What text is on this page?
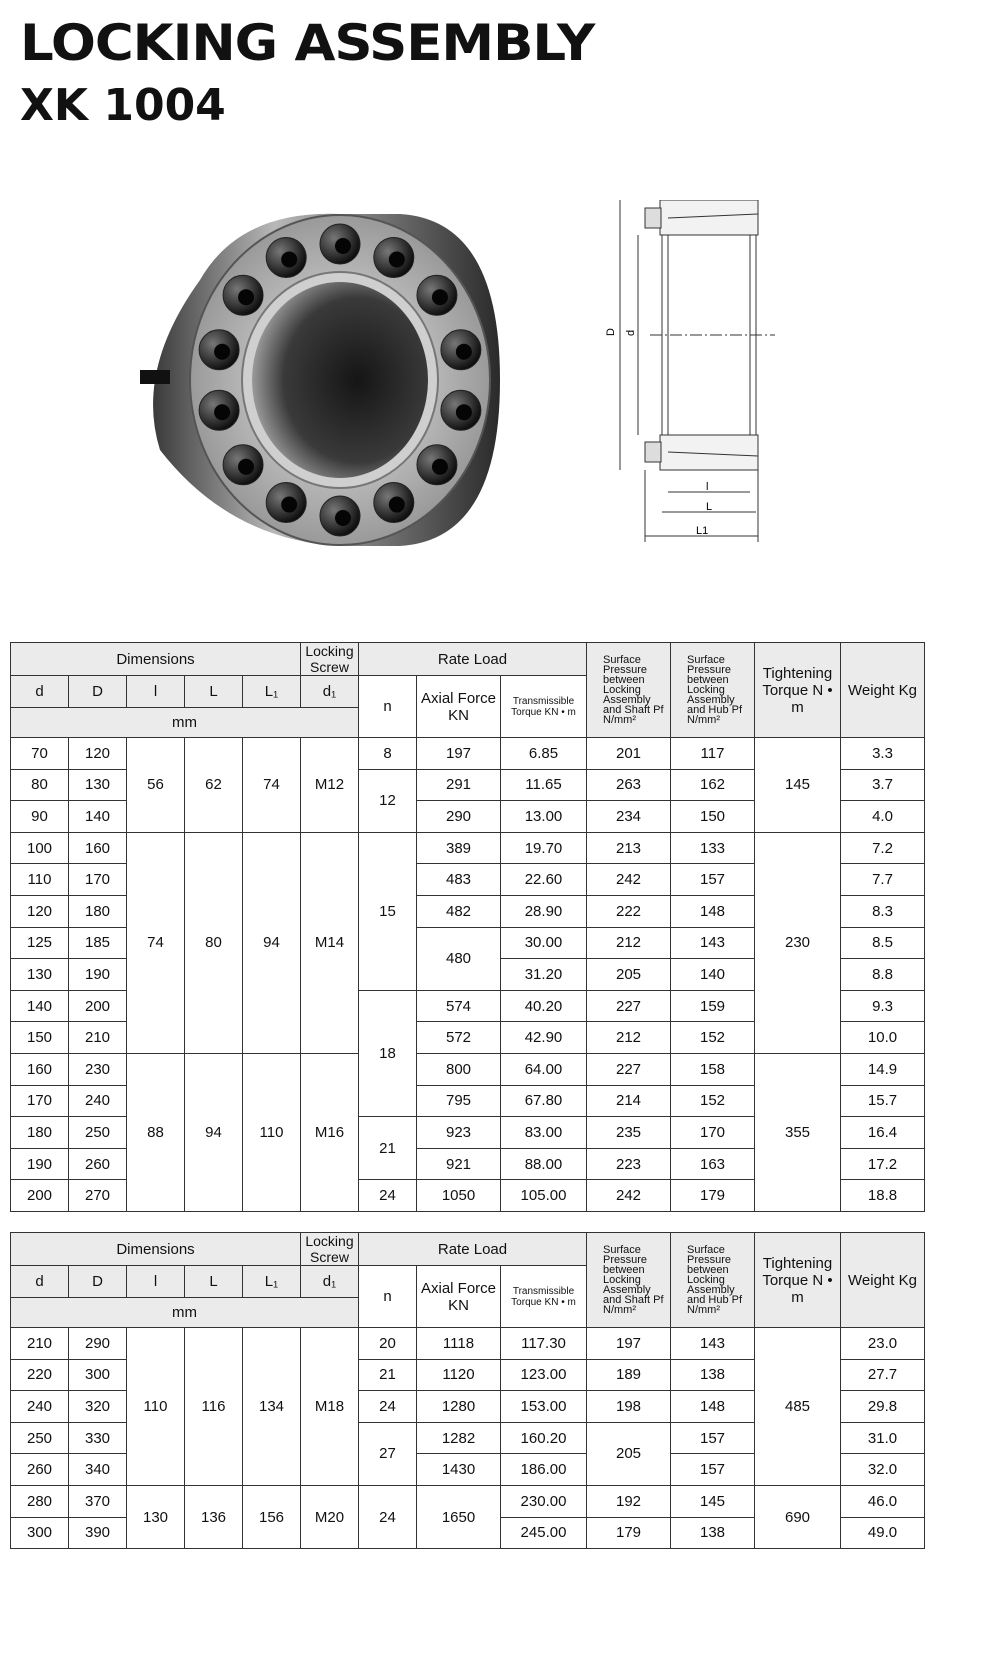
LOCKING ASSEMBLY
XK 1004
D d
l
L
L1
Dimensions					Locking Screw	Rate Load			Surface Pressure between Locking Assembly and Shaft Pf N/mm²	Surface Pressure between Locking Assembly and Hub Pf N/mm²	Tightening Torque N • m	Weight Kg
d	D	l	L	L₁	d₁	n	Axial Force KN	Transmissible Torque KN • m				
mm												
70	120	56	62	74	M12	8	197	6.85	201	117	145	3.3
80	130					12	291	11.65	263	162		3.7
90	140						290	13.00	234	150		4.0
100	160	74	80	94	M14	15	389	19.70	213	133	230	7.2
110	170						483	22.60	242	157		7.7
120	180						482	28.90	222	148		8.3
125	185						480	30.00	212	143		8.5
130	190							31.20	205	140		8.8
140	200					18	574	40.20	227	159		9.3
150	210						572	42.90	212	152		10.0
160	230	88	94	110	M16		800	64.00	227	158	355	14.9
170	240						795	67.80	214	152		15.7
180	250					21	923	83.00	235	170		16.4
190	260						921	88.00	223	163		17.2
200	270					24	1050	105.00	242	179		18.8
Dimensions					Locking Screw	Rate Load			Surface Pressure between Locking Assembly and Shaft Pf N/mm²	Surface Pressure between Locking Assembly and Hub Pf N/mm²	Tightening Torque N • m	Weight Kg
d	D	l	L	L₁	d₁	n	Axial Force KN	Transmissible Torque KN • m				
mm												
210	290	110	116	134	M18	20	1118	117.30	197	143	485	23.0
220	300					21	1120	123.00	189	138		27.7
240	320					24	1280	153.00	198	148		29.8
250	330					27	1282	160.20	205	157		31.0
260	340						1430	186.00		157		32.0
280	370	130	136	156	M20	24	1650	230.00	192	145	690	46.0
300	390							245.00	179	138		49.0
